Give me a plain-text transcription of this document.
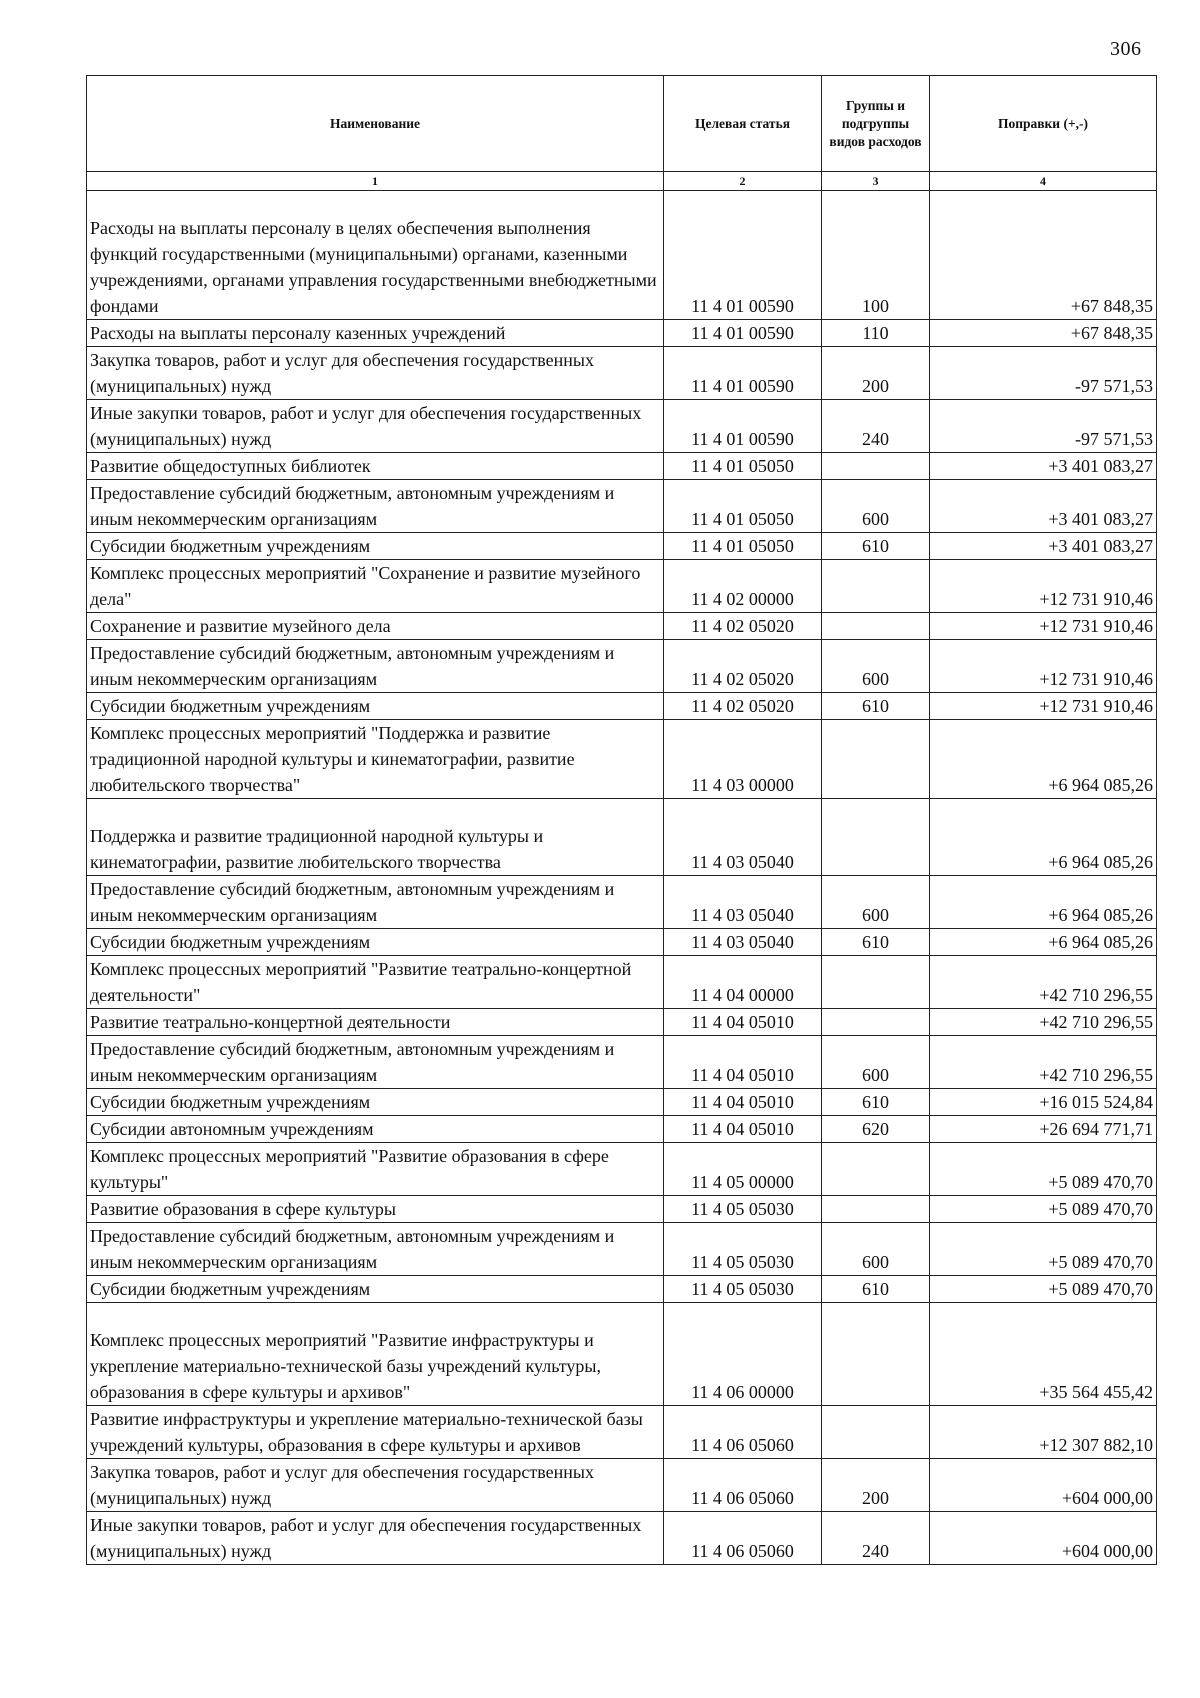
306
Наименование	Целевая статья	Группы и подгруппы видов расходов	Поправки (+,-)
1	2	3	4
Расходы на выплаты персоналу в целях обеспечения выполнения функций государственными (муниципальными) органами, казенными учреждениями, органами управления государственными внебюджетными фондами	11 4 01 00590	100	+67 848,35
Расходы на выплаты персоналу казенных учреждений	11 4 01 00590	110	+67 848,35
Закупка товаров, работ и услуг для обеспечения государственных (муниципальных) нужд	11 4 01 00590	200	-97 571,53
Иные закупки товаров, работ и услуг для обеспечения государственных (муниципальных) нужд	11 4 01 00590	240	-97 571,53
Развитие общедоступных библиотек	11 4 01 05050		+3 401 083,27
Предоставление субсидий бюджетным, автономным учреждениям и иным некоммерческим организациям	11 4 01 05050	600	+3 401 083,27
Субсидии бюджетным учреждениям	11 4 01 05050	610	+3 401 083,27
Комплекс процессных мероприятий "Сохранение и развитие музейного дела"	11 4 02 00000		+12 731 910,46
Сохранение и развитие музейного дела	11 4 02 05020		+12 731 910,46
Предоставление субсидий бюджетным, автономным учреждениям и иным некоммерческим организациям	11 4 02 05020	600	+12 731 910,46
Субсидии бюджетным учреждениям	11 4 02 05020	610	+12 731 910,46
Комплекс процессных мероприятий "Поддержка и развитие традиционной народной культуры и кинематографии, развитие любительского творчества"	11 4 03 00000		+6 964 085,26
Поддержка и развитие традиционной народной культуры и кинематографии, развитие любительского творчества	11 4 03 05040		+6 964 085,26
Предоставление субсидий бюджетным, автономным учреждениям и иным некоммерческим организациям	11 4 03 05040	600	+6 964 085,26
Субсидии бюджетным учреждениям	11 4 03 05040	610	+6 964 085,26
Комплекс процессных мероприятий "Развитие театрально-концертной деятельности"	11 4 04 00000		+42 710 296,55
Развитие театрально-концертной деятельности	11 4 04 05010		+42 710 296,55
Предоставление субсидий бюджетным, автономным учреждениям и иным некоммерческим организациям	11 4 04 05010	600	+42 710 296,55
Субсидии бюджетным учреждениям	11 4 04 05010	610	+16 015 524,84
Субсидии автономным учреждениям	11 4 04 05010	620	+26 694 771,71
Комплекс процессных мероприятий "Развитие образования в сфере культуры"	11 4 05 00000		+5 089 470,70
Развитие образования в сфере культуры	11 4 05 05030		+5 089 470,70
Предоставление субсидий бюджетным, автономным учреждениям и иным некоммерческим организациям	11 4 05 05030	600	+5 089 470,70
Субсидии бюджетным учреждениям	11 4 05 05030	610	+5 089 470,70
Комплекс процессных мероприятий "Развитие инфраструктуры и укрепление материально-технической базы учреждений культуры, образования в сфере культуры и архивов"	11 4 06 00000		+35 564 455,42
Развитие инфраструктуры и укрепление материально-технической базы учреждений культуры, образования в сфере культуры и архивов	11 4 06 05060		+12 307 882,10
Закупка товаров, работ и услуг для обеспечения государственных (муниципальных) нужд	11 4 06 05060	200	+604 000,00
Иные закупки товаров, работ и услуг для обеспечения государственных (муниципальных) нужд	11 4 06 05060	240	+604 000,00
